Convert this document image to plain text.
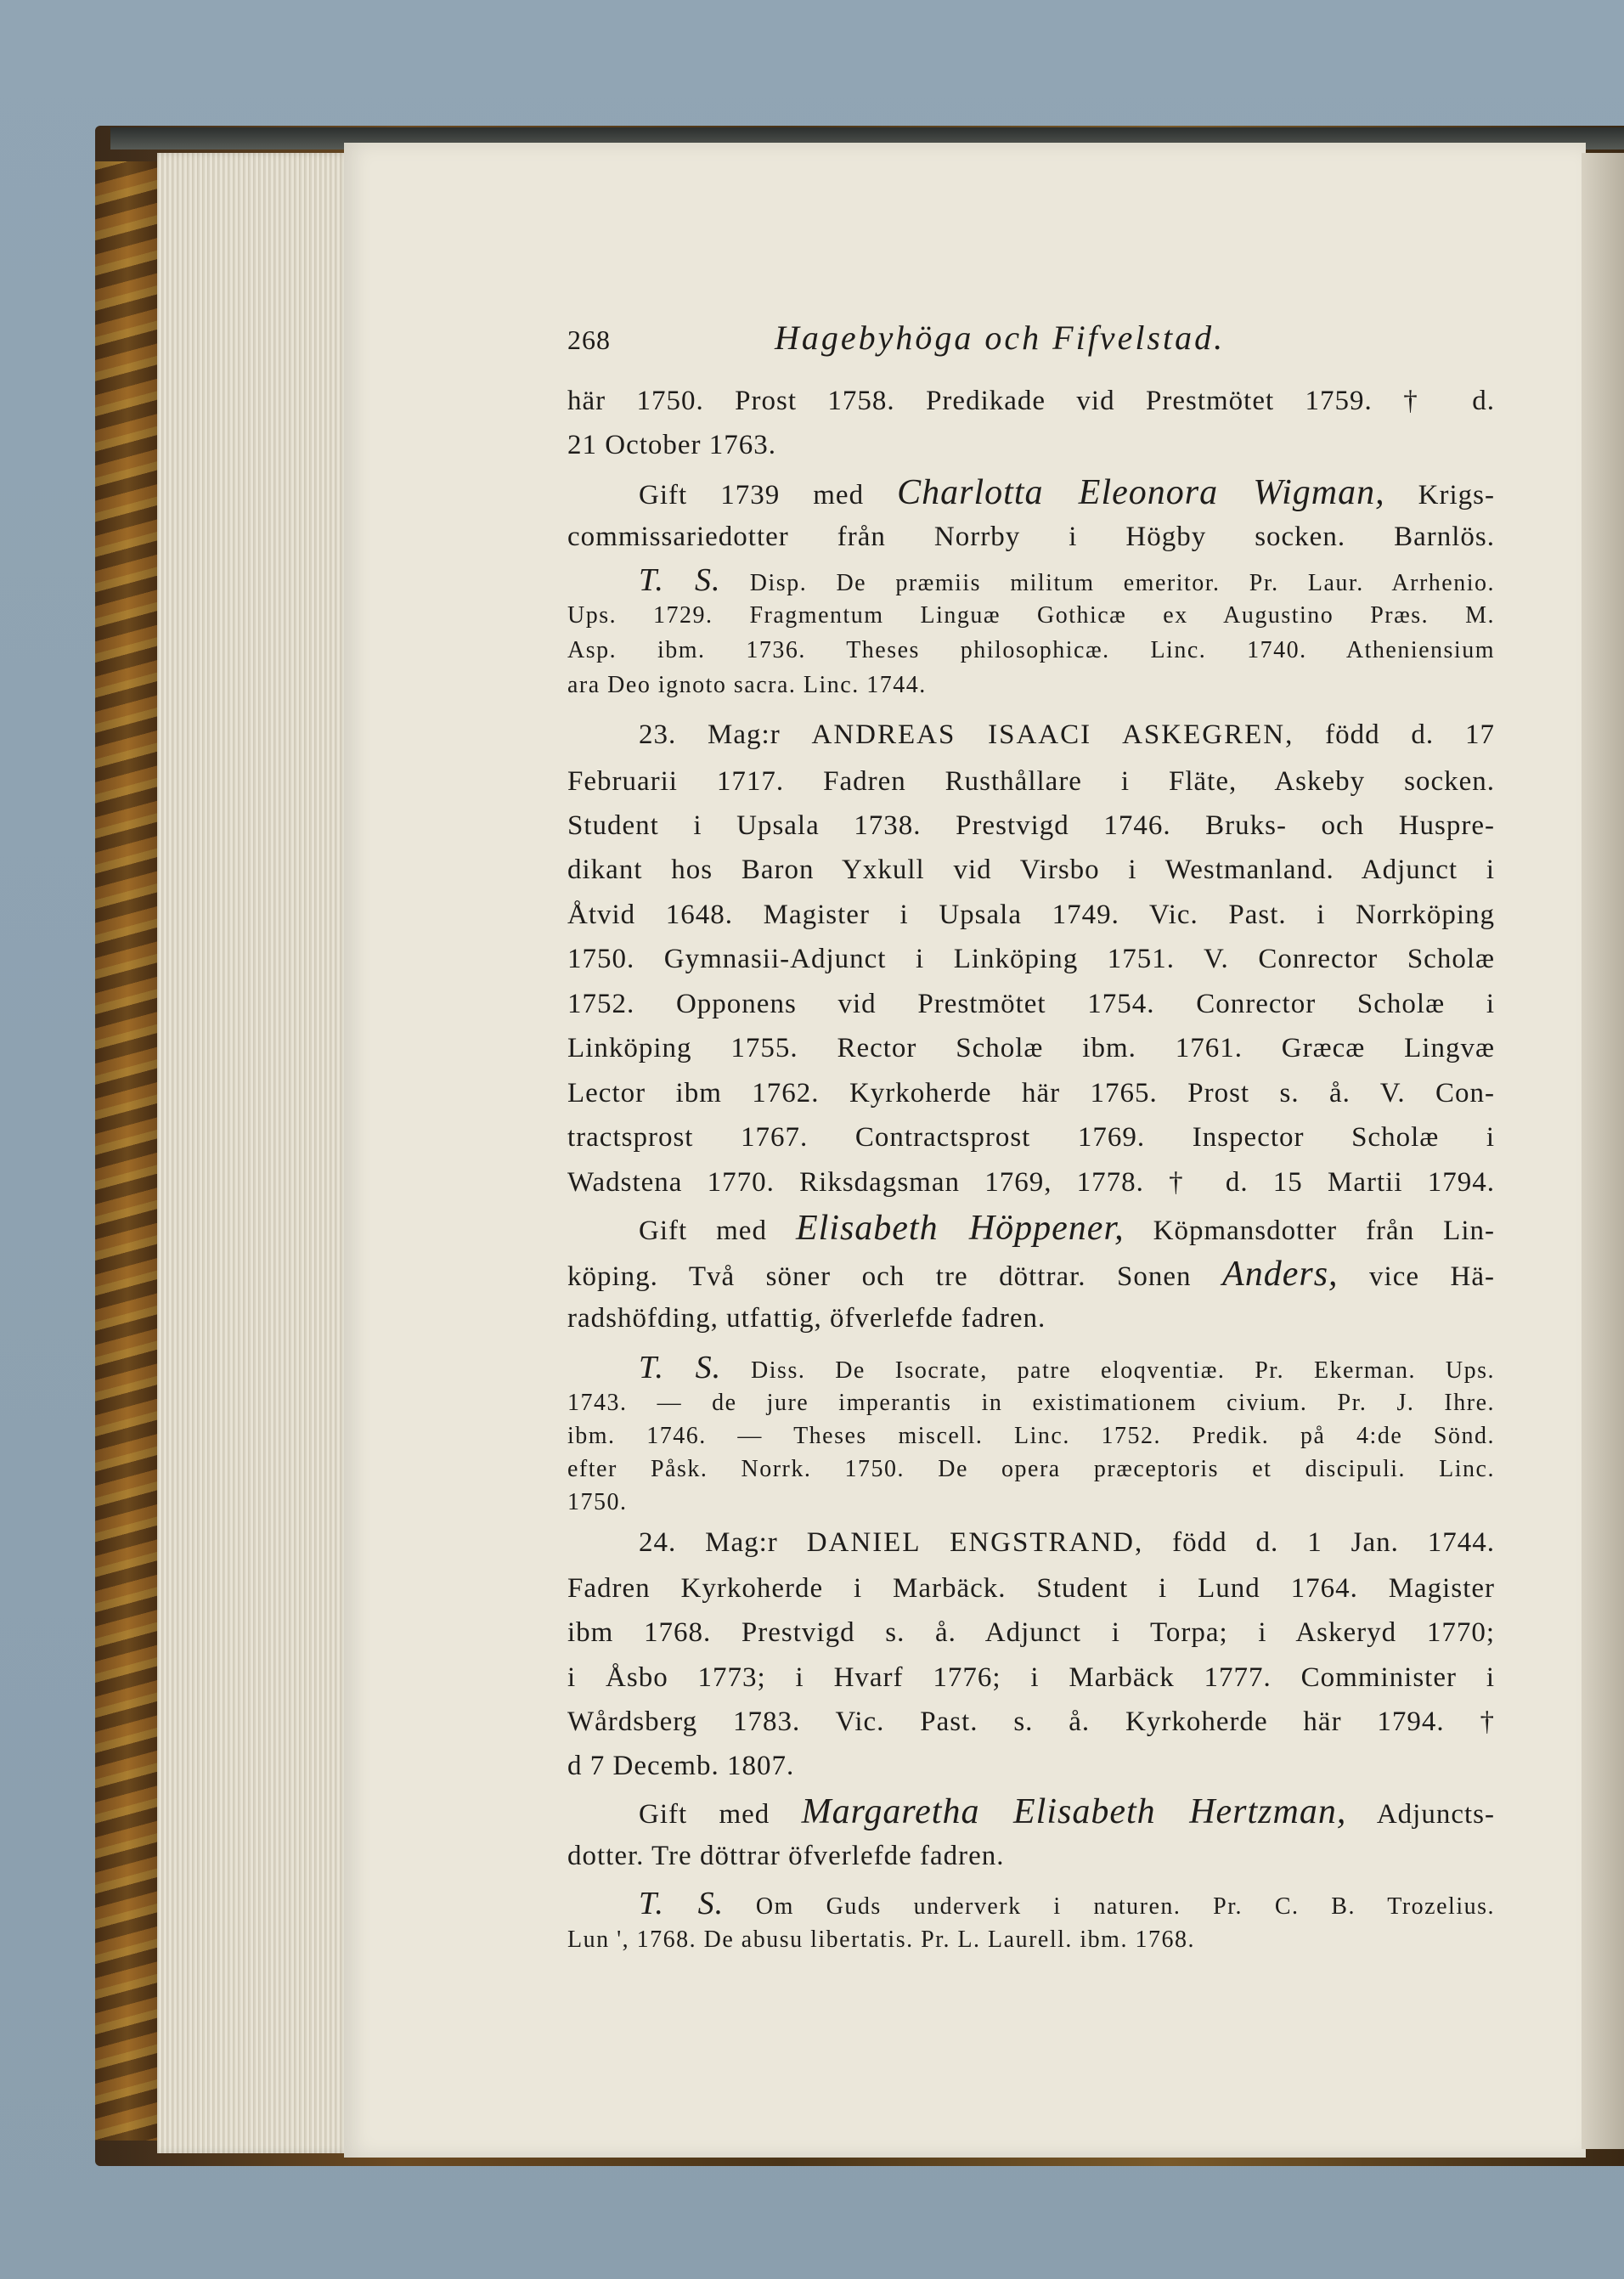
268	Hagebyhöga och Fifvelstad.
här 1750. Prost 1758. Predikade vid Prestmötet 1759. † d.
21 October 1763.
Gift 1739 med Charlotta Eleonora Wigman, Krigs-
commissariedotter från Norrby i Högby socken. Barnlös.
T. S. Disp. De præmiis militum emeritor. Pr. Laur. Arrhenio.
Ups. 1729. Fragmentum Linguæ Gothicæ ex Augustino Præs. M.
Asp. ibm. 1736. Theses philosophicæ. Linc. 1740. Atheniensium
ara Deo ignoto sacra. Linc. 1744.
23. Mag:r ANDREAS ISAACI ASKEGREN, född d. 17
Februarii 1717. Fadren Rusthållare i Fläte, Askeby socken.
Student i Upsala 1738. Prestvigd 1746. Bruks- och Huspre-
dikant hos Baron Yxkull vid Virsbo i Westmanland. Adjunct i
Åtvid 1648. Magister i Upsala 1749. Vic. Past. i Norrköping
1750. Gymnasii-Adjunct i Linköping 1751. V. Conrector Scholæ
1752. Opponens vid Prestmötet 1754. Conrector Scholæ i
Linköping 1755. Rector Scholæ ibm. 1761. Græcæ Lingvæ
Lector ibm 1762. Kyrkoherde här 1765. Prost s. å. V. Con-
tractsprost 1767. Contractsprost 1769. Inspector Scholæ i
Wadstena 1770. Riksdagsman 1769, 1778. † d. 15 Martii 1794.
Gift med Elisabeth Höppener, Köpmansdotter från Lin-
köping. Två söner och tre döttrar. Sonen Anders, vice Hä-
radshöfding, utfattig, öfverlefde fadren.
T. S. Diss. De Isocrate, patre eloqventiæ. Pr. Ekerman. Ups.
1743. — de jure imperantis in existimationem civium. Pr. J. Ihre.
ibm. 1746. — Theses miscell. Linc. 1752. Predik. på 4:de Sönd.
efter Påsk. Norrk. 1750. De opera præceptoris et discipuli. Linc.
1750.
24. Mag:r DANIEL ENGSTRAND, född d. 1 Jan. 1744.
Fadren Kyrkoherde i Marbäck. Student i Lund 1764. Magister
ibm 1768. Prestvigd s. å. Adjunct i Torpa; i Askeryd 1770;
i Åsbo 1773; i Hvarf 1776; i Marbäck 1777. Comminister i
Wårdsberg 1783. Vic. Past. s. å. Kyrkoherde här 1794. †
d 7 Decemb. 1807.
Gift med Margaretha Elisabeth Hertzman, Adjuncts-
dotter. Tre döttrar öfverlefde fadren.
T. S. Om Guds underverk i naturen. Pr. C. B. Trozelius.
Lun ', 1768. De abusu libertatis. Pr. L. Laurell. ibm. 1768.
